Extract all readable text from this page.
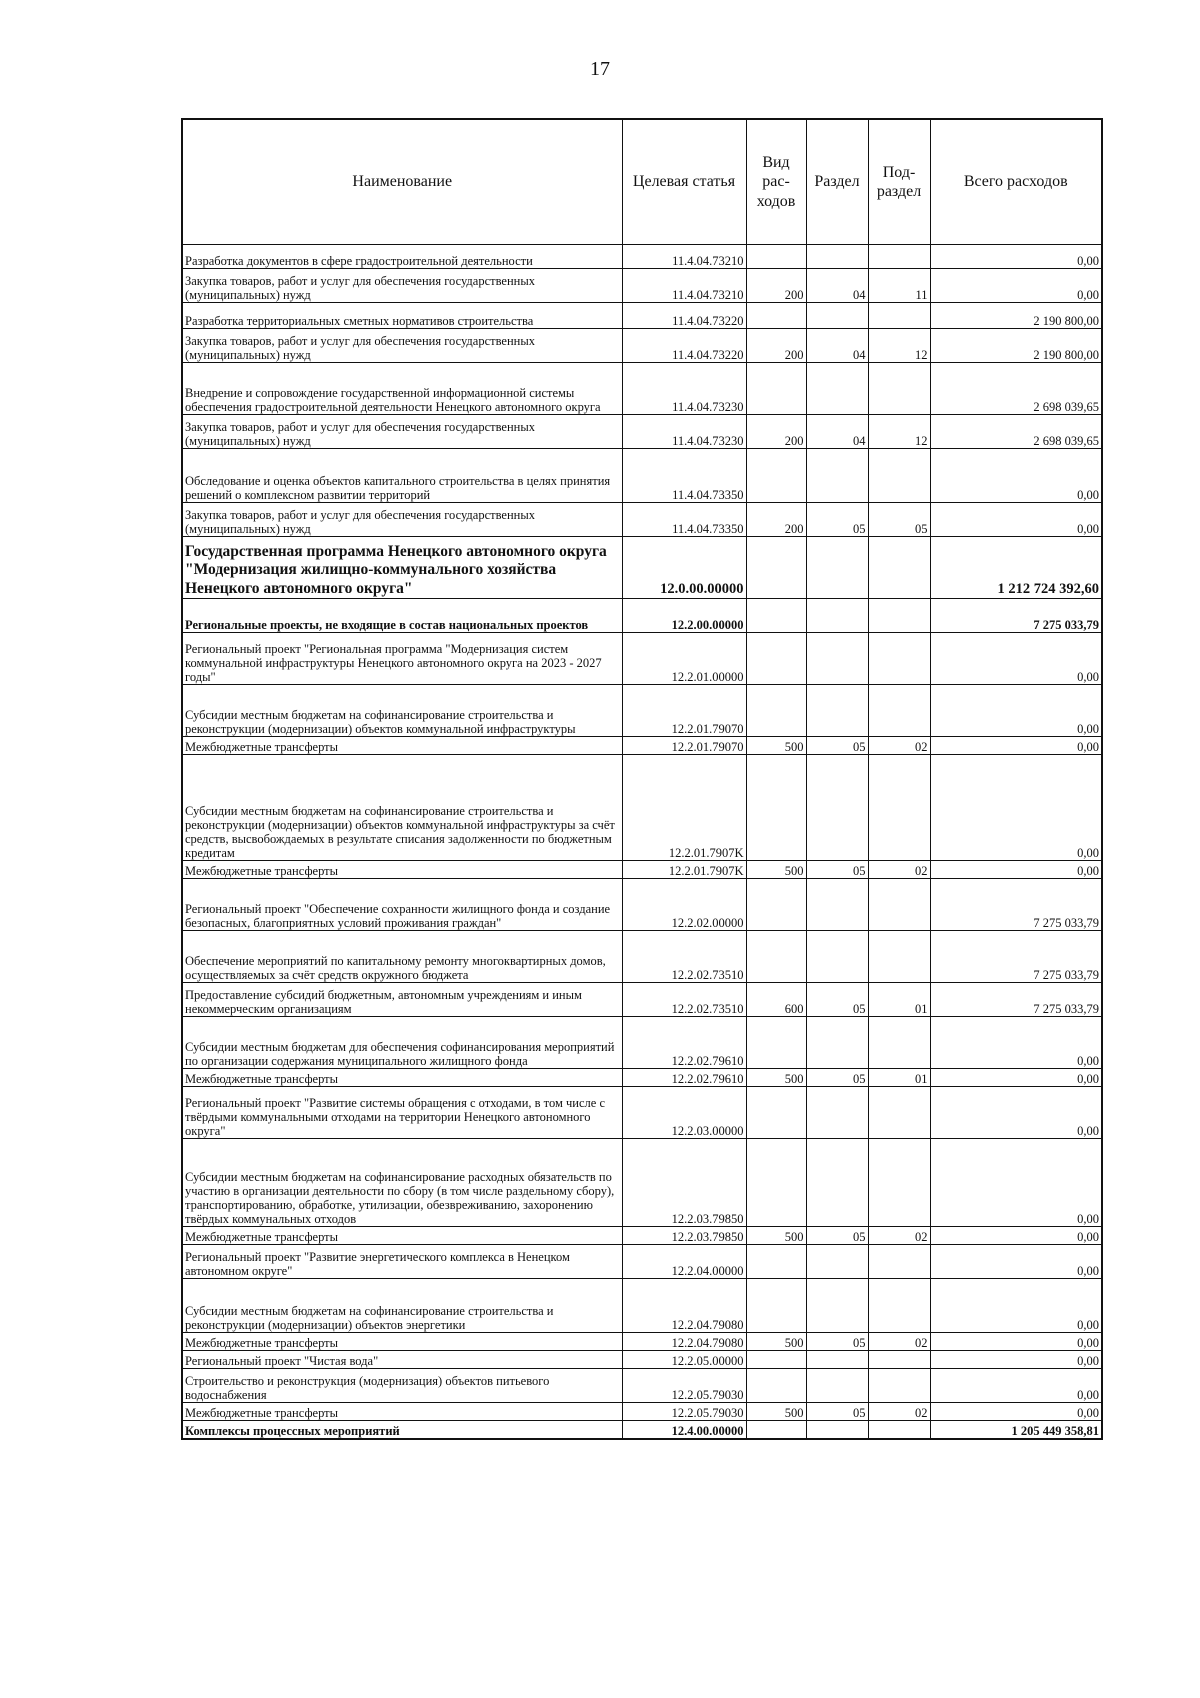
17
Наименование	Целевая статья	Вид рас- ходов	Раздел	Под- раздел	Всего расходов
Разработка документов в сфере градостроительной деятельности	11.4.04.73210				0,00
Закупка товаров, работ и услуг для обеспечения государственных (муниципальных) нужд	11.4.04.73210	200	04	11	0,00
Разработка территориальных сметных нормативов строительства	11.4.04.73220				2 190 800,00
Закупка товаров, работ и услуг для обеспечения государственных (муниципальных) нужд	11.4.04.73220	200	04	12	2 190 800,00
Внедрение и сопровождение государственной информационной системы обеспечения градостроительной деятельности Ненецкого автономного округа	11.4.04.73230				2 698 039,65
Закупка товаров, работ и услуг для обеспечения государственных (муниципальных) нужд	11.4.04.73230	200	04	12	2 698 039,65
Обследование и оценка объектов капитального строительства в целях принятия решений о комплексном развитии территорий	11.4.04.73350				0,00
Закупка товаров, работ и услуг для обеспечения государственных (муниципальных) нужд	11.4.04.73350	200	05	05	0,00
Государственная программа Ненецкого автономного округа "Модернизация жилищно-коммунального хозяйства Ненецкого автономного округа"	12.0.00.00000				1 212 724 392,60
Региональные проекты, не входящие в состав национальных проектов	12.2.00.00000				7 275 033,79
Региональный проект "Региональная программа "Модернизация систем коммунальной инфраструктуры Ненецкого автономного округа на 2023 - 2027 годы"	12.2.01.00000				0,00
Субсидии местным бюджетам на софинансирование строительства и реконструкции (модернизации) объектов коммунальной инфраструктуры	12.2.01.79070				0,00
Межбюджетные трансферты	12.2.01.79070	500	05	02	0,00
Субсидии местным бюджетам на софинансирование строительства и реконструкции (модернизации) объектов коммунальной инфраструктуры за счёт средств, высвобождаемых в результате списания задолженности по бюджетным кредитам	12.2.01.7907K				0,00
Межбюджетные трансферты	12.2.01.7907K	500	05	02	0,00
Региональный проект "Обеспечение сохранности жилищного фонда и создание безопасных, благоприятных условий проживания граждан"	12.2.02.00000				7 275 033,79
Обеспечение мероприятий по капитальному ремонту многоквартирных домов, осуществляемых за счёт средств окружного бюджета	12.2.02.73510				7 275 033,79
Предоставление субсидий бюджетным, автономным учреждениям и иным некоммерческим организациям	12.2.02.73510	600	05	01	7 275 033,79
Субсидии местным бюджетам для обеспечения софинансирования мероприятий по организации содержания муниципального жилищного фонда	12.2.02.79610				0,00
Межбюджетные трансферты	12.2.02.79610	500	05	01	0,00
Региональный проект "Развитие системы обращения с отходами, в том числе с твёрдыми коммунальными отходами на территории Ненецкого автономного округа"	12.2.03.00000				0,00
Субсидии местным бюджетам на софинансирование расходных обязательств по участию в организации деятельности по сбору (в том числе раздельному сбору), транспортированию, обработке, утилизации, обезвреживанию, захоронению твёрдых коммунальных отходов	12.2.03.79850				0,00
Межбюджетные трансферты	12.2.03.79850	500	05	02	0,00
Региональный проект "Развитие энергетического комплекса в Ненецком автономном округе"	12.2.04.00000				0,00
Субсидии местным бюджетам на софинансирование строительства и реконструкции (модернизации) объектов энергетики	12.2.04.79080				0,00
Межбюджетные трансферты	12.2.04.79080	500	05	02	0,00
Региональный проект "Чистая вода"	12.2.05.00000				0,00
Строительство и реконструкция (модернизация) объектов питьевого водоснабжения	12.2.05.79030				0,00
Межбюджетные трансферты	12.2.05.79030	500	05	02	0,00
Комплексы процессных мероприятий	12.4.00.00000				1 205 449 358,81
